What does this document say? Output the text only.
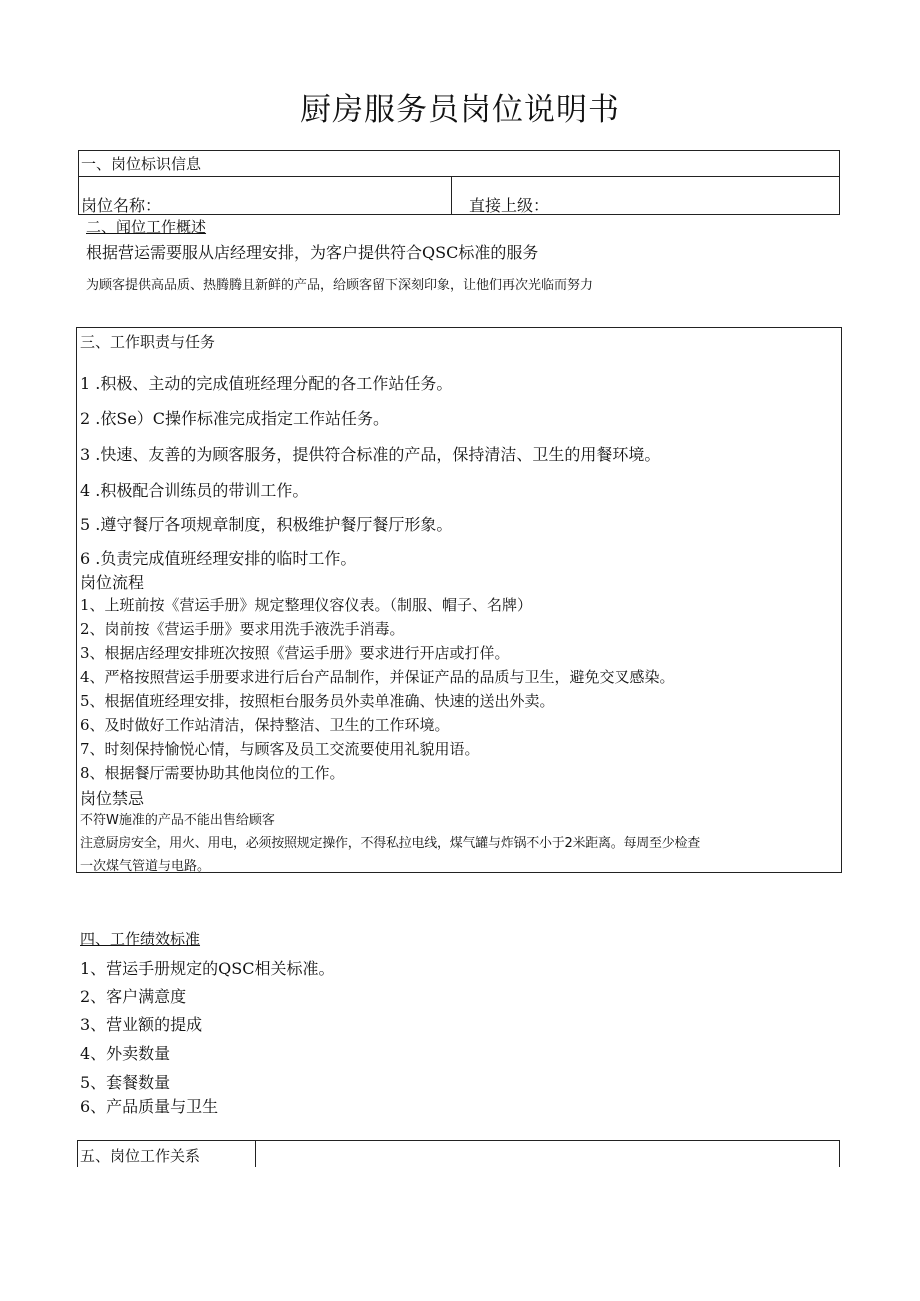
厨房服务员岗位说明书
一、岗位标识信息
岗位名称：	直接上级：
二、闻位工作概述
根据营运需要服从店经理安排，为客户提供符合QSC标准的服务
为顾客提供高品质、热腾腾且新鲜的产品，给顾客留下深刻印象，让他们再次光临而努力
三、工作职责与任务
1 .积极、主动的完成值班经理分配的各工作站任务。
2 .依Se）C操作标准完成指定工作站任务。
3 .快速、友善的为顾客服务，提供符合标准的产品，保持清洁、卫生的用餐环境。
4 .积极配合训练员的带训工作。
5 .遵守餐厅各项规章制度，积极维护餐厅餐厅形象。
6 .负责完成值班经理安排的临时工作。
岗位流程
1、上班前按《营运手册》规定整理仪容仪表。（制服、帽子、名牌）
2、岗前按《营运手册》要求用洗手液洗手消毒。
3、根据店经理安排班次按照《营运手册》要求进行开店或打佯。
4、严格按照营运手册要求进行后台产品制作，并保证产品的品质与卫生，避免交叉感染。
5、根据值班经理安排，按照柜台服务员外卖单准确、快速的送出外卖。
6、及时做好工作站清洁，保持整洁、卫生的工作环境。
7、时刻保持愉悦心情，与顾客及员工交流要使用礼貌用语。
8、根据餐厅需要协助其他岗位的工作。
岗位禁忌
不符W施准的产品不能出售给顾客
注意厨房安全，用火、用电，必须按照规定操作，不得私拉电线，煤气罐与炸锅不小于2米距离。每周至少检查
一次煤气管道与电路。
四、工作绩效标准
1、营运手册规定的QSC相关标准。
2、客户满意度
3、营业额的提成
4、外卖数量
5、套餐数量
6、产品质量与卫生
五、岗位工作关系
